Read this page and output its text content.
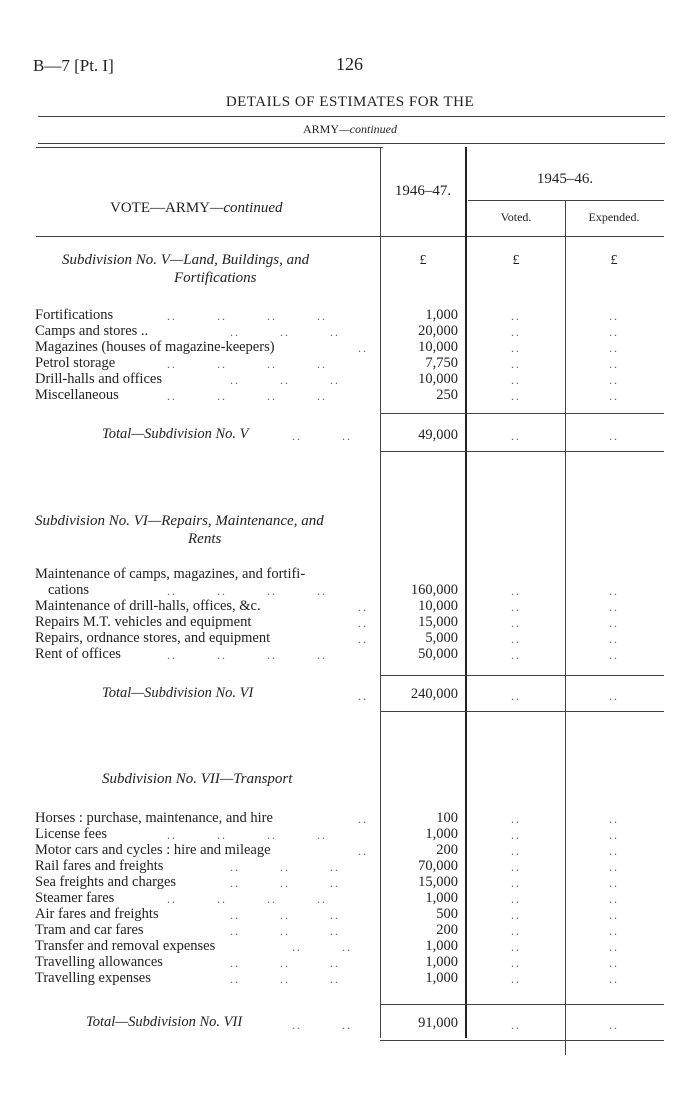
B—7 [Pt. I]	126
DETAILS OF ESTIMATES FOR THE
ARMY—continued
VOTE—ARMY—continued
1946–47.
1945–46.
Voted.	Expended.
£	£	£
Subdivision No. V—Land, Buildings, and
Fortifications
Fortifications	..        ..        ..        ..	1,000	..	..
Camps and stores ..	..        ..        ..	20,000	..	..
Magazines (houses of magazine-keepers)	..	10,000	..	..
Petrol storage	..        ..        ..        ..	7,750	..	..
Drill-halls and offices	..        ..        ..	10,000	..	..
Miscellaneous	..        ..        ..        ..	250	..	..
Total—Subdivision No. V	..        ..	49,000	..	..
Subdivision No. VI—Repairs, Maintenance, and
Rents
Maintenance of camps, magazines, and fortifi-
cations	..        ..        ..        ..	160,000	..	..
Maintenance of drill-halls, offices, &c.	..	10,000	..	..
Repairs M.T. vehicles and equipment	..	15,000	..	..
Repairs, ordnance stores, and equipment	..	5,000	..	..
Rent of offices	..        ..        ..        ..	50,000	..	..
Total—Subdivision No. VI	..	240,000	..	..
Subdivision No. VII—Transport
Horses : purchase, maintenance, and hire	..	100	..	..
License fees	..        ..        ..        ..	1,000	..	..
Motor cars and cycles : hire and mileage	..	200	..	..
Rail fares and freights	..        ..        ..	70,000	..	..
Sea freights and charges	..        ..        ..	15,000	..	..
Steamer fares	..        ..        ..        ..	1,000	..	..
Air fares and freights	..        ..        ..	500	..	..
Tram and car fares	..        ..        ..	200	..	..
Transfer and removal expenses	..        ..	1,000	..	..
Travelling allowances	..        ..        ..	1,000	..	..
Travelling expenses	..        ..        ..	1,000	..	..
Total—Subdivision No. VII	..        ..	91,000	..	..
